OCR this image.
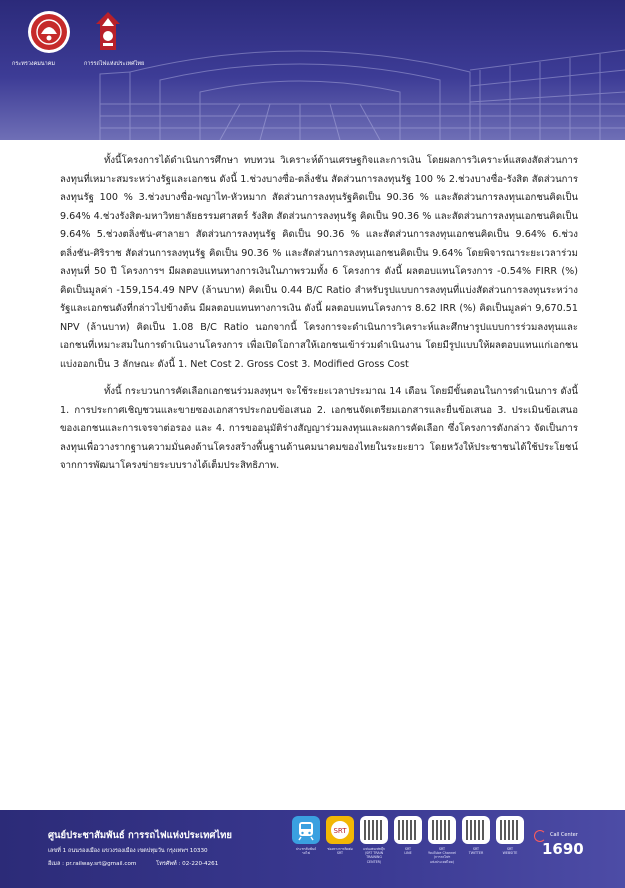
กระทรวงคมนาคม	การรถไฟแห่งประเทศไทย

ทั้งนี้โครงการได้ดำเนินการศึกษา ทบทวน วิเคราะห์ด้านเศรษฐกิจและการเงิน โดยผลการวิเคราะห์แสดงสัดส่วนการลงทุนที่เหมาะสมระหว่างรัฐและเอกชน ดังนี้ 1.ช่วงบางซื่อ-ตลิ่งชัน สัดส่วนการลงทุนรัฐ 100 % 2.ช่วงบางซื่อ-รังสิต สัดส่วนการลงทุนรัฐ 100 % 3.ช่วงบางซื่อ-พญาไท-หัวหมาก สัดส่วนการลงทุนรัฐคิดเป็น 90.36 % และสัดส่วนการลงทุนเอกชนคิดเป็น 9.64% 4.ช่วงรังสิต-มหาวิทยาลัยธรรมศาสตร์ รังสิต สัดส่วนการลงทุนรัฐ คิดเป็น 90.36 % และสัดส่วนการลงทุนเอกชนคิดเป็น 9.64% 5.ช่วงตลิ่งชัน-ศาลายา สัดส่วนการลงทุนรัฐ คิดเป็น 90.36 % และสัดส่วนการลงทุนเอกชนคิดเป็น 9.64% 6.ช่วงตลิ่งชัน-ศิริราช สัดส่วนการลงทุนรัฐ คิดเป็น 90.36 % และสัดส่วนการลงทุนเอกชนคิดเป็น 9.64% โดยพิจารณาระยะเวลาร่วมลงทุนที่ 50 ปี โครงการฯ มีผลตอบแทนทางการเงินในภาพรวมทั้ง 6 โครงการ ดังนี้ ผลตอบแทนโครงการ -0.54% FIRR (%) คิดเป็นมูลค่า -159,154.49 NPV (ล้านบาท) คิดเป็น 0.44 B/C Ratio สำหรับรูปแบบการลงทุนที่แบ่งสัดส่วนการลงทุนระหว่างรัฐและเอกชนดังที่กล่าวไปข้างต้น มีผลตอบแทนทางการเงิน ดังนี้ ผลตอบแทนโครงการ 8.62 IRR (%) คิดเป็นมูลค่า 9,670.51 NPV (ล้านบาท) คิดเป็น 1.08 B/C Ratio นอกจากนี้ โครงการจะดำเนินการวิเคราะห์และศึกษารูปแบบการร่วมลงทุนและเอกชนที่เหมาะสมในการดำเนินงานโครงการ เพื่อเปิดโอกาสให้เอกชนเข้าร่วมดำเนินงาน โดยมีรูปแบบให้ผลตอบแทนแก่เอกชนแบ่งออกเป็น 3 ลักษณะ ดังนี้ 1. Net Cost 2. Gross Cost 3. Modified Gross Cost

ทั้งนี้ กระบวนการคัดเลือกเอกชนร่วมลงทุนฯ จะใช้ระยะเวลาประมาณ 14 เดือน โดยมีขั้นตอนในการดำเนินการ ดังนี้ 1. การประกาศเชิญชวนและขายซองเอกสารประกอบข้อเสนอ 2. เอกชนจัดเตรียมเอกสารและยื่นข้อเสนอ 3. ประเมินข้อเสนอของเอกชนและการเจรจาต่อรอง และ 4. การขออนุมัติร่างสัญญาร่วมลงทุนและผลการคัดเลือก ซึ่งโครงการดังกล่าว จัดเป็นการลงทุนเพื่อวางรากฐานความมั่นคงด้านโครงสร้างพื้นฐานด้านคมนาคมของไทยในระยะยาว โดยหวังให้ประชาชนได้ใช้ประโยชน์จากการพัฒนาโครงข่ายระบบรางได้เต็มประสิทธิภาพ.

ศูนย์ประชาสัมพันธ์ การรถไฟแห่งประเทศไทย
เลขที่ 1 ถนนรองเมือง แขวงรองเมือง เขตปทุมวัน กรุงเทพฯ 10330
อีเมล : pr.railway.srt@gmail.com	โทรศัพท์ : 02-220-4261
ประชาสัมพันธ์รถไฟ
SRT
ช่องทางการติดต่อ SRT
แฟนเพจเฟซบุ๊ก
(SRT TRAIN
TRAINING
CENTER)
SRT
LINE
SRT
YouTube Channel
(การรถไฟฯ
แห่งประเทศไทย)
SRT
TWITTER
SRT
WEBSITE
Call Center
1690
